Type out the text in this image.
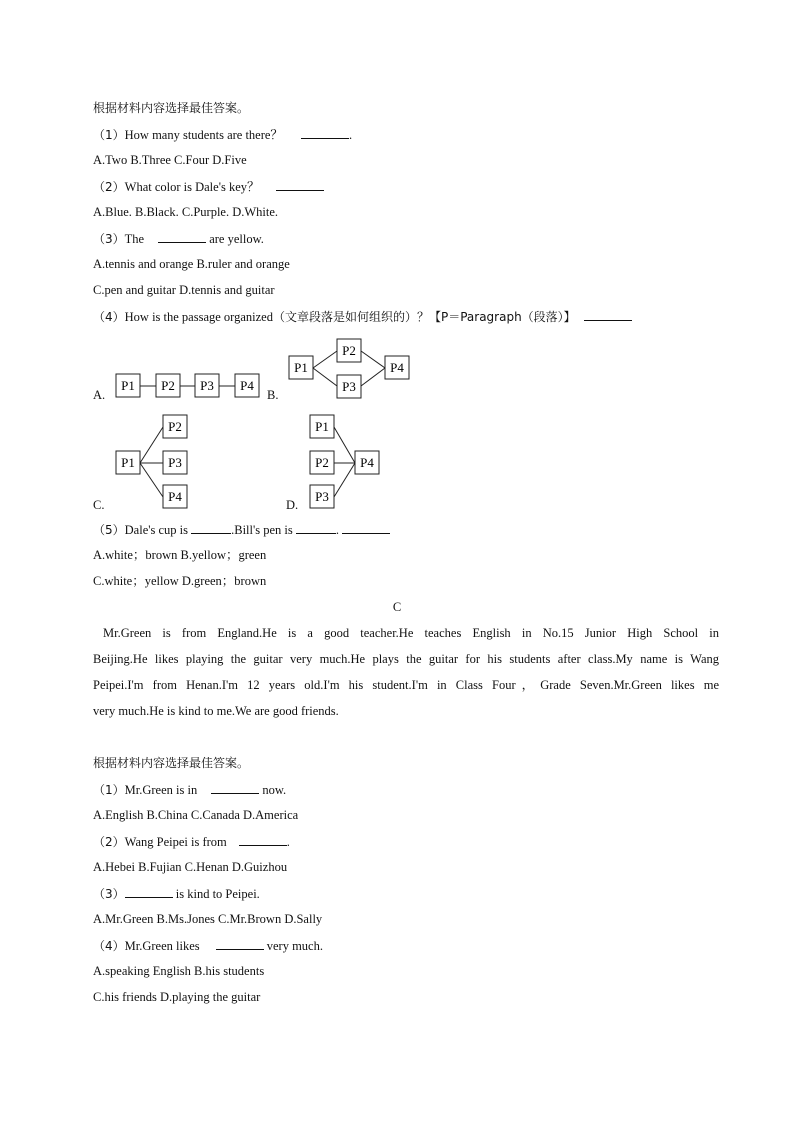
根据材料内容选择最佳答案。
（1）How many students are there？	.
A.Two B.Three C.Four D.Five
（2）What color is Dale's key？
A.Blue. B.Black. C.Purple. D.White.
（3）The	are yellow.
A.tennis and orange B.ruler and orange
C.pen and guitar D.tennis and guitar
（4）How is the passage organized（文章段落是如何组织的）？【P＝Paragraph（段落）】
A.	B.
C.	D.
P1 P2 P3 P4
P1
P2
P3
P4
P1
P2
P3
P4
P1
P2
P3
P4
（5）Dale's cup is	.Bill's pen is	.
A.white；brown B.yellow；green
C.white；yellow D.green；brown
C
Mr.Green is from England.He is a good teacher.He teaches English in No.15 Junior High School in
Beijing.He likes playing the guitar very much.He plays the guitar for his students after class.My name is Wang
Peipei.I'm from Henan.I'm 12 years old.I'm his student.I'm in Class Four，Grade Seven.Mr.Green likes me
very much.He is kind to me.We are good friends.
根据材料内容选择最佳答案。
（1）Mr.Green is in	now.
A.English B.China C.Canada D.America
（2）Wang Peipei is from	.
A.Hebei B.Fujian C.Henan D.Guizhou
（3）	is kind to Peipei.
A.Mr.Green B.Ms.Jones C.Mr.Brown D.Sally
（4）Mr.Green likes	very much.
A.speaking English B.his students
C.his friends D.playing the guitar
